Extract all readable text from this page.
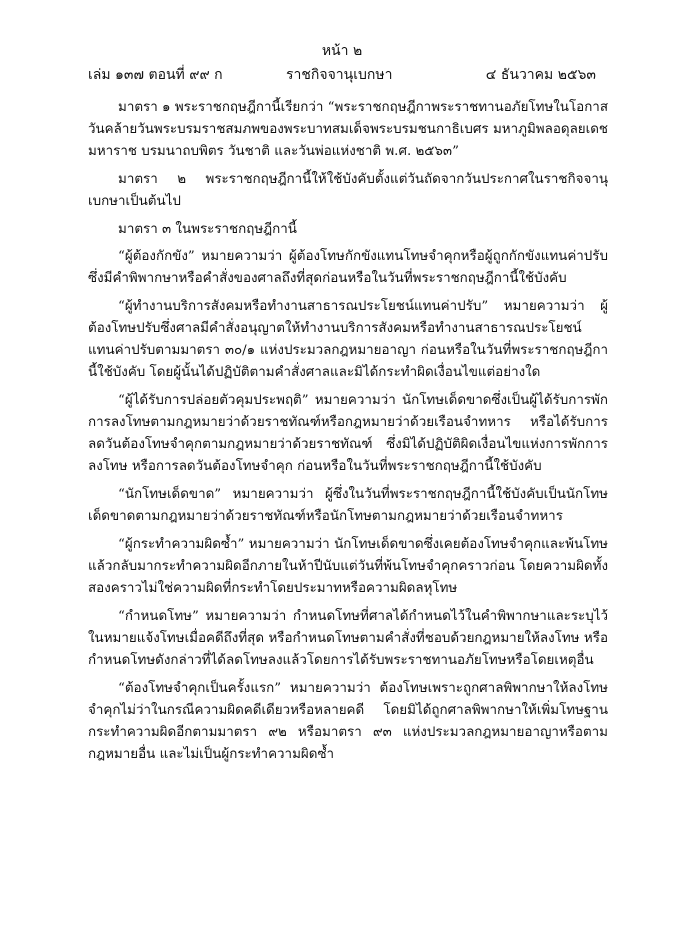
หน้า ๒
เล่ม ๑๓๗ ตอนที่ ๙๙ ก	ราชกิจจานุเบกษา	๔ ธันวาคม ๒๕๖๓

มาตรา ๑ พระราชกฤษฎีกานี้เรียกว่า “พระราชกฤษฎีกาพระราชทานอภัยโทษในโอกาสวันคล้ายวันพระบรมราชสมภพของพระบาทสมเด็จพระบรมชนกาธิเบศร มหาภูมิพลอดุลยเดชมหาราช บรมนาถบพิตร วันชาติ และวันพ่อแห่งชาติ พ.ศ. ๒๕๖๓”

มาตรา ๒ พระราชกฤษฎีกานี้ให้ใช้บังคับตั้งแต่วันถัดจากวันประกาศในราชกิจจานุเบกษาเป็นต้นไป

มาตรา ๓ ในพระราชกฤษฎีกานี้

“ผู้ต้องกักขัง” หมายความว่า ผู้ต้องโทษกักขังแทนโทษจำคุกหรือผู้ถูกกักขังแทนค่าปรับ ซึ่งมีคำพิพากษาหรือคำสั่งของศาลถึงที่สุดก่อนหรือในวันที่พระราชกฤษฎีกานี้ใช้บังคับ

“ผู้ทำงานบริการสังคมหรือทำงานสาธารณประโยชน์แทนค่าปรับ” หมายความว่า ผู้ต้องโทษปรับซึ่งศาลมีคำสั่งอนุญาตให้ทำงานบริการสังคมหรือทำงานสาธารณประโยชน์แทนค่าปรับตามมาตรา ๓๐/๑ แห่งประมวลกฎหมายอาญา ก่อนหรือในวันที่พระราชกฤษฎีกานี้ใช้บังคับ โดยผู้นั้นได้ปฏิบัติตามคำสั่งศาลและมิได้กระทำผิดเงื่อนไขแต่อย่างใด

“ผู้ได้รับการปล่อยตัวคุมประพฤติ” หมายความว่า นักโทษเด็ดขาดซึ่งเป็นผู้ได้รับการพักการลงโทษตามกฎหมายว่าด้วยราชทัณฑ์หรือกฎหมายว่าด้วยเรือนจำทหาร หรือได้รับการลดวันต้องโทษจำคุกตามกฎหมายว่าด้วยราชทัณฑ์ ซึ่งมิได้ปฏิบัติผิดเงื่อนไขแห่งการพักการลงโทษ หรือการลดวันต้องโทษจำคุก ก่อนหรือในวันที่พระราชกฤษฎีกานี้ใช้บังคับ

“นักโทษเด็ดขาด” หมายความว่า ผู้ซึ่งในวันที่พระราชกฤษฎีกานี้ใช้บังคับเป็นนักโทษเด็ดขาดตามกฎหมายว่าด้วยราชทัณฑ์หรือนักโทษตามกฎหมายว่าด้วยเรือนจำทหาร

“ผู้กระทำความผิดซ้ำ” หมายความว่า นักโทษเด็ดขาดซึ่งเคยต้องโทษจำคุกและพ้นโทษแล้วกลับมากระทำความผิดอีกภายในห้าปีนับแต่วันที่พ้นโทษจำคุกคราวก่อน โดยความผิดทั้งสองคราวไม่ใช่ความผิดที่กระทำโดยประมาทหรือความผิดลหุโทษ

“กำหนดโทษ” หมายความว่า กำหนดโทษที่ศาลได้กำหนดไว้ในคำพิพากษาและระบุไว้ในหมายแจ้งโทษเมื่อคดีถึงที่สุด หรือกำหนดโทษตามคำสั่งที่ชอบด้วยกฎหมายให้ลงโทษ หรือกำหนดโทษดังกล่าวที่ได้ลดโทษลงแล้วโดยการได้รับพระราชทานอภัยโทษหรือโดยเหตุอื่น

“ต้องโทษจำคุกเป็นครั้งแรก” หมายความว่า ต้องโทษเพราะถูกศาลพิพากษาให้ลงโทษจำคุกไม่ว่าในกรณีความผิดคดีเดียวหรือหลายคดี โดยมิได้ถูกศาลพิพากษาให้เพิ่มโทษฐานกระทำความผิดอีกตามมาตรา ๙๒ หรือมาตรา ๙๓ แห่งประมวลกฎหมายอาญาหรือตามกฎหมายอื่น และไม่เป็นผู้กระทำความผิดซ้ำ
